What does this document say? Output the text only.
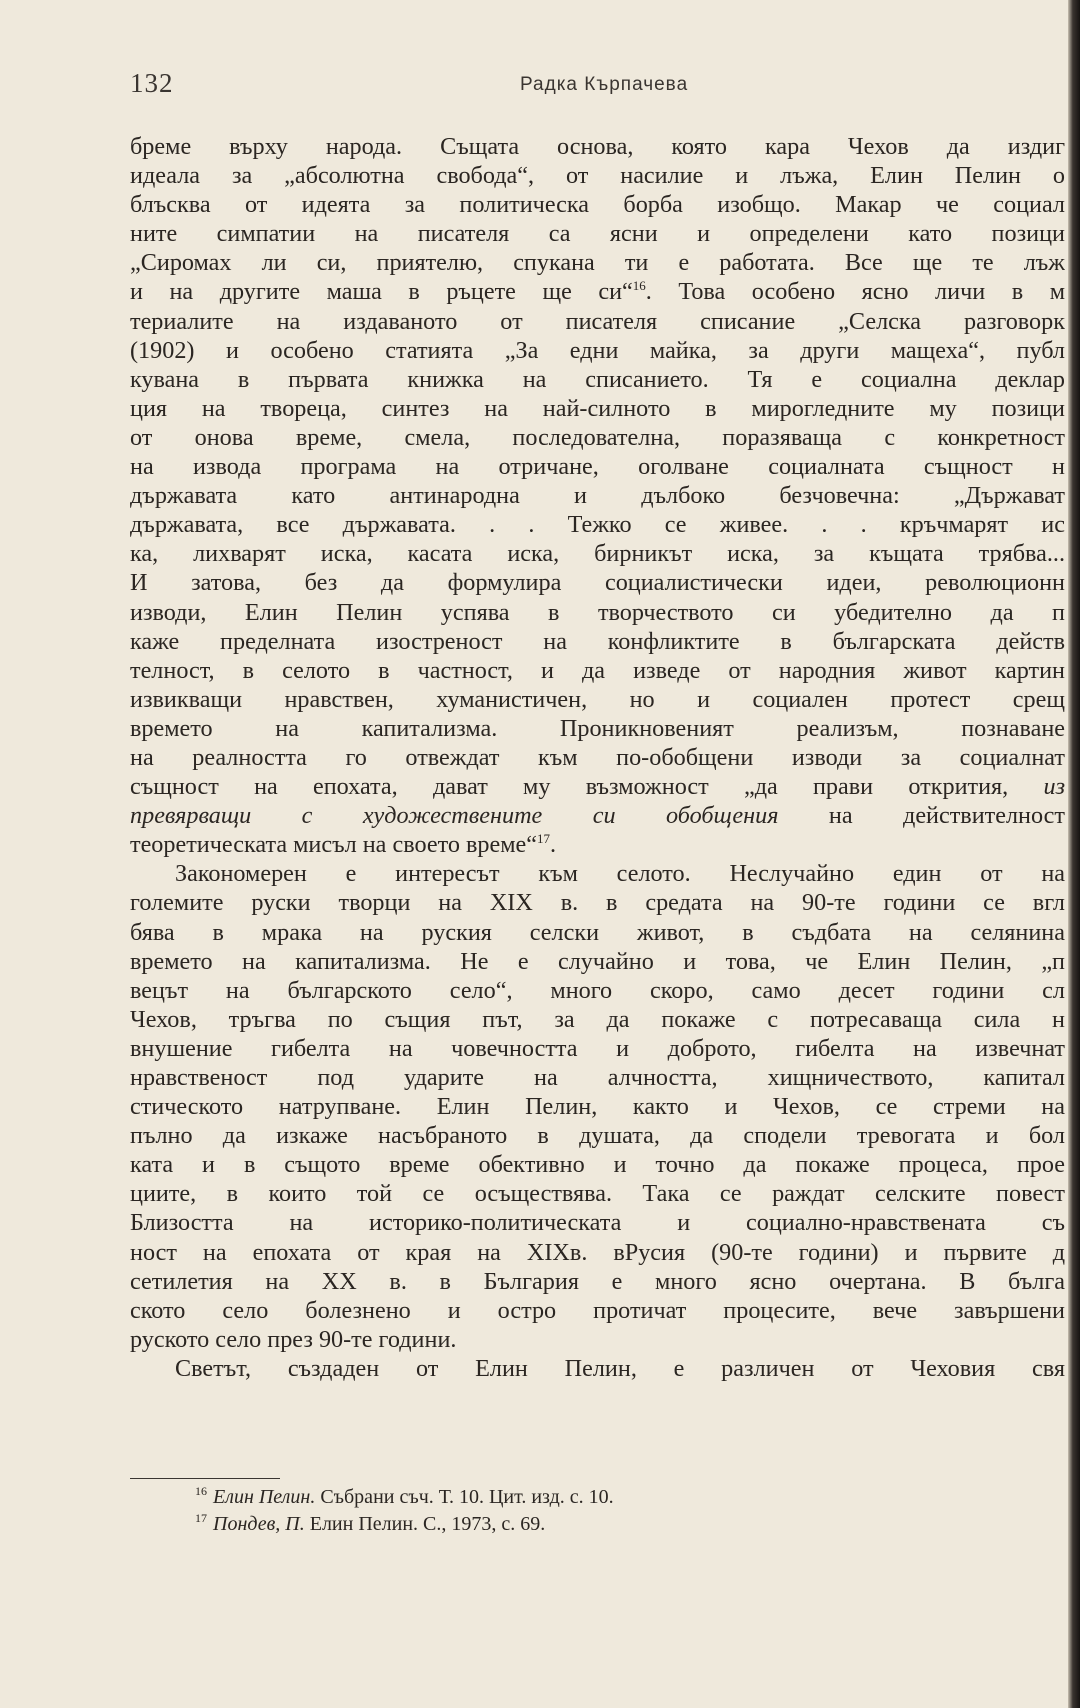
132	Радка Кърпачева
бреме върху народа. Същата основа, която кара Чехов да издиг
идеала за „абсолютна свобода“, от насилие и лъжа, Елин Пелин о
блъсква от идеята за политическа борба изобщо. Макар че социал
ните симпатии на писателя са ясни и определени като позици
„Сиромах ли си, приятелю, спукана ти е работата. Все ще те лъж
и на другите маша в ръцете ще си“$^{16}$. Това особено ясно личи в м
териалите на издаваното от писателя списание „Селска разговорк
(1902) и особено статията „За едни майка, за други мащеха“, публ
кувана в първата книжка на списанието. Тя е социална деклар
ция на твореца, синтез на най-силното в мирогледните му позици
от онова време, смела, последователна, поразяваща с конкретност
на извода програма на отричане, оголване социалната същност н
държавата като антинародна и дълбоко безчовечна: „Държават
държавата, все държавата. . . Тежко се живее. . . кръчмарят ис
ка, лихварят иска, касата иска, бирникът иска, за къщата трябва...
И затова, без да формулира социалистически идеи, революционн
изводи, Елин Пелин успява в творчеството си убедително да п
каже пределната изостреност на конфликтите в българската действ
телност, в селото в частност, и да изведе от народния живот картин
извикващи нравствен, хуманистичен, но и социален протест срещ
времето на капитализма. Проникновеният реализъм, познаване
на реалността го отвеждат към по-обобщени изводи за социалнат
същност на епохата, дават му възможност „да прави открития, из
превярващи с художествените си обобщения на действителност
теоретическата мисъл на своето време“$^{17}$.
Закономерен е интересът към селото. Неслучайно един от на
големите руски творци на XIX в. в средата на 90-те години се вгл
бява в мрака на руския селски живот, в съдбата на селянина
времето на капитализма. Не е случайно и това, че Елин Пелин, „п
вецът на българското село“, много скоро, само десет години сл
Чехов, тръгва по същия път, за да покаже с потресаваща сила н
внушение гибелта на човечността и доброто, гибелта на извечнат
нравственост под ударите на алчността, хищничеството, капитал
стическото натрупване. Елин Пелин, както и Чехов, се стреми на
пълно да изкаже насъбраното в душата, да сподели тревогата и бол
ката и в същото време обективно и точно да покаже процеса, прое
циите, в които той се осъществява. Така се раждат селските повест
Близостта на историко-политическата и социално-нравствената съ
ност на епохата от края на XIXв. вРусия (90-те години) и първите д
сетилетия на XX в. в България е много ясно очертана. В бълга
ското село болезнено и остро протичат процесите, вече завършени
руското село през 90-те години.
Светът, създаден от Елин Пелин, е различен от Чеховия свя
$^{16}$ Елин Пелин. Събрани съч. Т. 10. Цит. изд. с. 10.
$^{17}$ Пондев, П. Елин Пелин. С., 1973, с. 69.
